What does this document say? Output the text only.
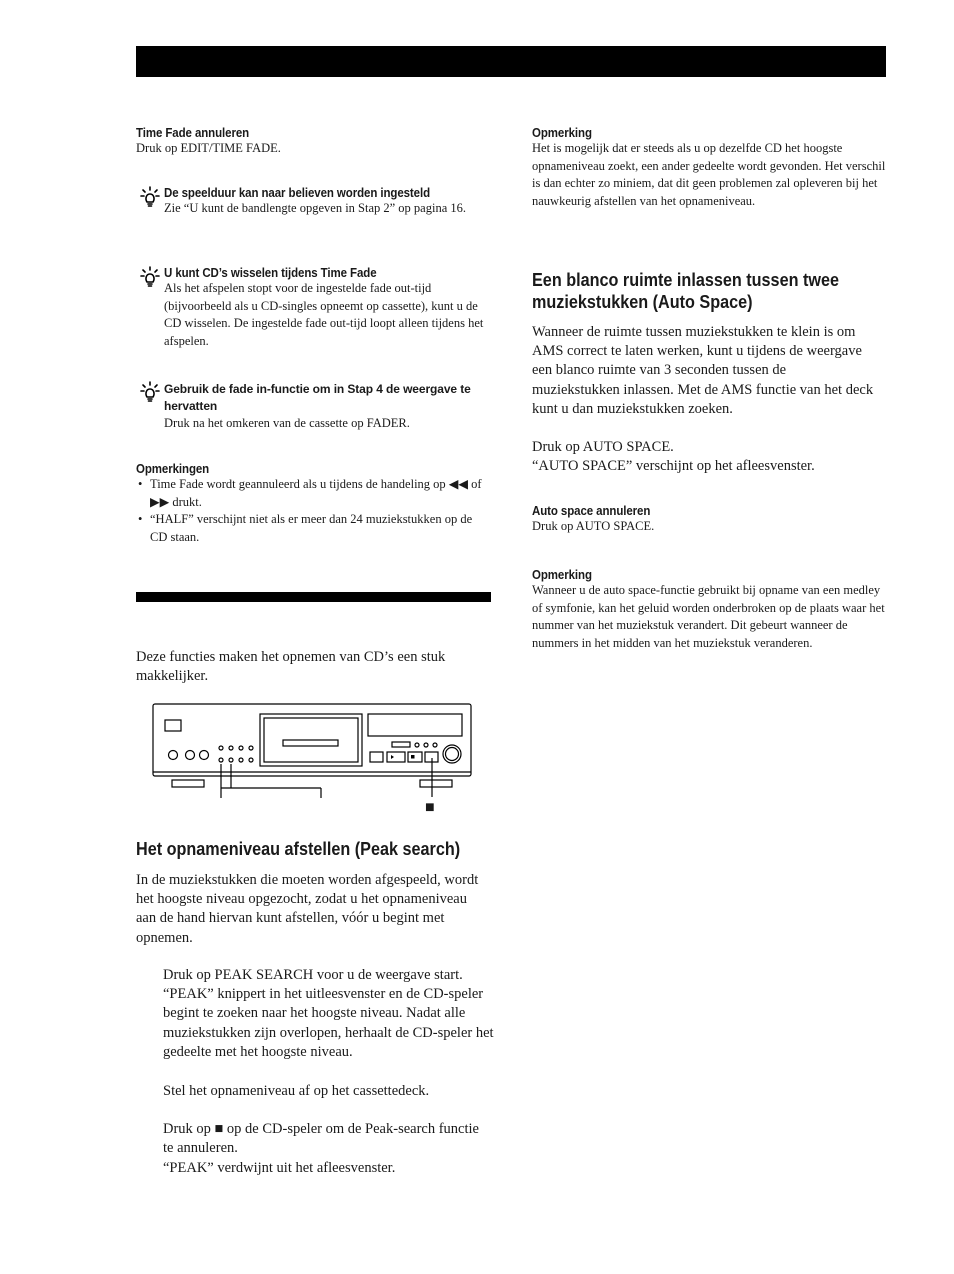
Time Fade annuleren
Druk op EDIT/TIME FADE.
De speelduur kan naar believen worden ingesteld
Zie “U kunt de bandlengte opgeven in Stap 2” op pagina 16.
U kunt CD’s wisselen tijdens Time Fade
Als het afspelen stopt voor de ingestelde fade out-tijd (bijvoorbeeld als u CD-singles opneemt op cassette), kunt u de CD wisselen. De ingestelde fade out-tijd loopt alleen tijdens het afspelen.
Gebruik de fade in-functie om in Stap 4 de weergave te hervatten
Druk na het omkeren van de cassette op FADER.
Opmerkingen
• Time Fade wordt geannuleerd als u tijdens de handeling op ◀◀ of ▶▶ drukt.
• “HALF” verschijnt niet als er meer dan 24 muziekstukken op de CD staan.
Deze functies maken het opnemen van CD’s een stuk makkelijker.
■
Het opnameniveau afstellen (Peak search)
In de muziekstukken die moeten worden afgespeeld, wordt het hoogste niveau opgezocht, zodat u het opnameniveau aan de hand hiervan kunt afstellen, vóór u begint met opnemen.
Druk op PEAK SEARCH voor u de weergave start. “PEAK” knippert in het uitleesvenster en de CD-speler begint te zoeken naar het hoogste niveau. Nadat alle muziekstukken zijn overlopen, herhaalt de CD-speler het gedeelte met het hoogste niveau.
Stel het opnameniveau af op het cassettedeck.
Druk op ■ op de CD-speler om de Peak-search functie te annuleren.
“PEAK” verdwijnt uit het afleesvenster.
Opmerking
Het is mogelijk dat er steeds als u op dezelfde CD het hoogste opnameniveau zoekt, een ander gedeelte wordt gevonden. Het verschil is dan echter zo miniem, dat dit geen problemen zal opleveren bij het nauwkeurig afstellen van het opnameniveau.
Een blanco ruimte inlassen tussen twee muziekstukken (Auto Space)
Wanneer de ruimte tussen muziekstukken te klein is om AMS correct te laten werken, kunt u tijdens de weergave een blanco ruimte van 3 seconden tussen de muziekstukken inlassen. Met de AMS functie van het deck kunt u dan muziekstukken zoeken.
Druk op AUTO SPACE.
“AUTO SPACE” verschijnt op het afleesvenster.
Auto space annuleren
Druk op AUTO SPACE.
Opmerking
Wanneer u de auto space-functie gebruikt bij opname van een medley of symfonie, kan het geluid worden onderbroken op de plaats waar het nummer van het muziekstuk verandert. Dit gebeurt wanneer de nummers in het midden van het muziekstuk veranderen.
